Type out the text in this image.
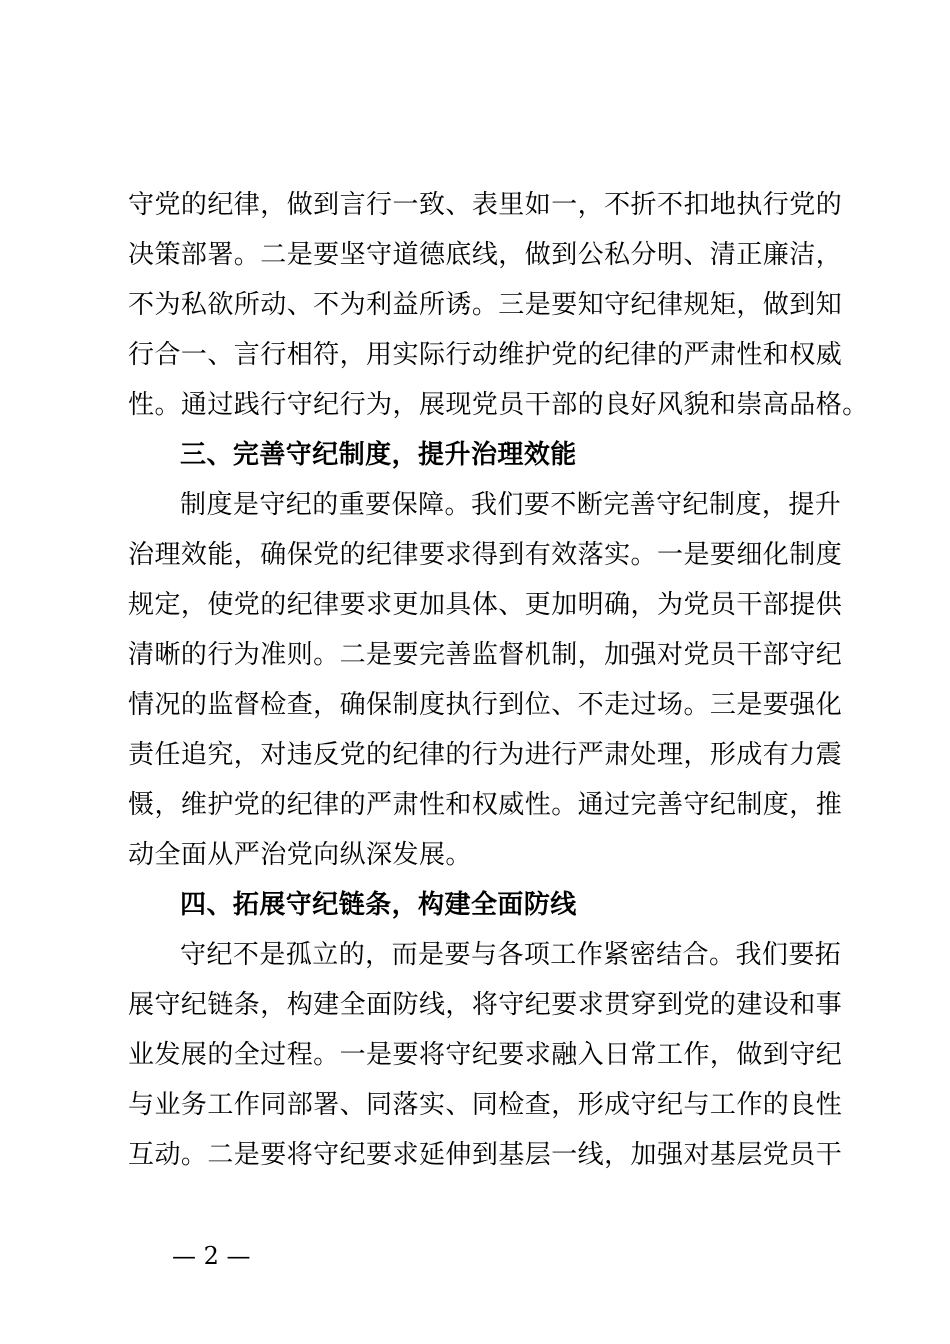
守党的纪律，做到言行一致、表里如一，不折不扣地执行党的
决策部署。二是要坚守道德底线，做到公私分明、清正廉洁，
不为私欲所动、不为利益所诱。三是要知守纪律规矩，做到知
行合一、言行相符，用实际行动维护党的纪律的严肃性和权威
性。通过践行守纪行为，展现党员干部的良好风貌和崇高品格。
三、完善守纪制度，提升治理效能
制度是守纪的重要保障。我们要不断完善守纪制度，提升
治理效能，确保党的纪律要求得到有效落实。一是要细化制度
规定，使党的纪律要求更加具体、更加明确，为党员干部提供
清晰的行为准则。二是要完善监督机制，加强对党员干部守纪
情况的监督检查，确保制度执行到位、不走过场。三是要强化
责任追究，对违反党的纪律的行为进行严肃处理，形成有力震
慑，维护党的纪律的严肃性和权威性。通过完善守纪制度，推
动全面从严治党向纵深发展。
四、拓展守纪链条，构建全面防线
守纪不是孤立的，而是要与各项工作紧密结合。我们要拓
展守纪链条，构建全面防线，将守纪要求贯穿到党的建设和事
业发展的全过程。一是要将守纪要求融入日常工作，做到守纪
与业务工作同部署、同落实、同检查，形成守纪与工作的良性
互动。二是要将守纪要求延伸到基层一线，加强对基层党员干
— 2 —
